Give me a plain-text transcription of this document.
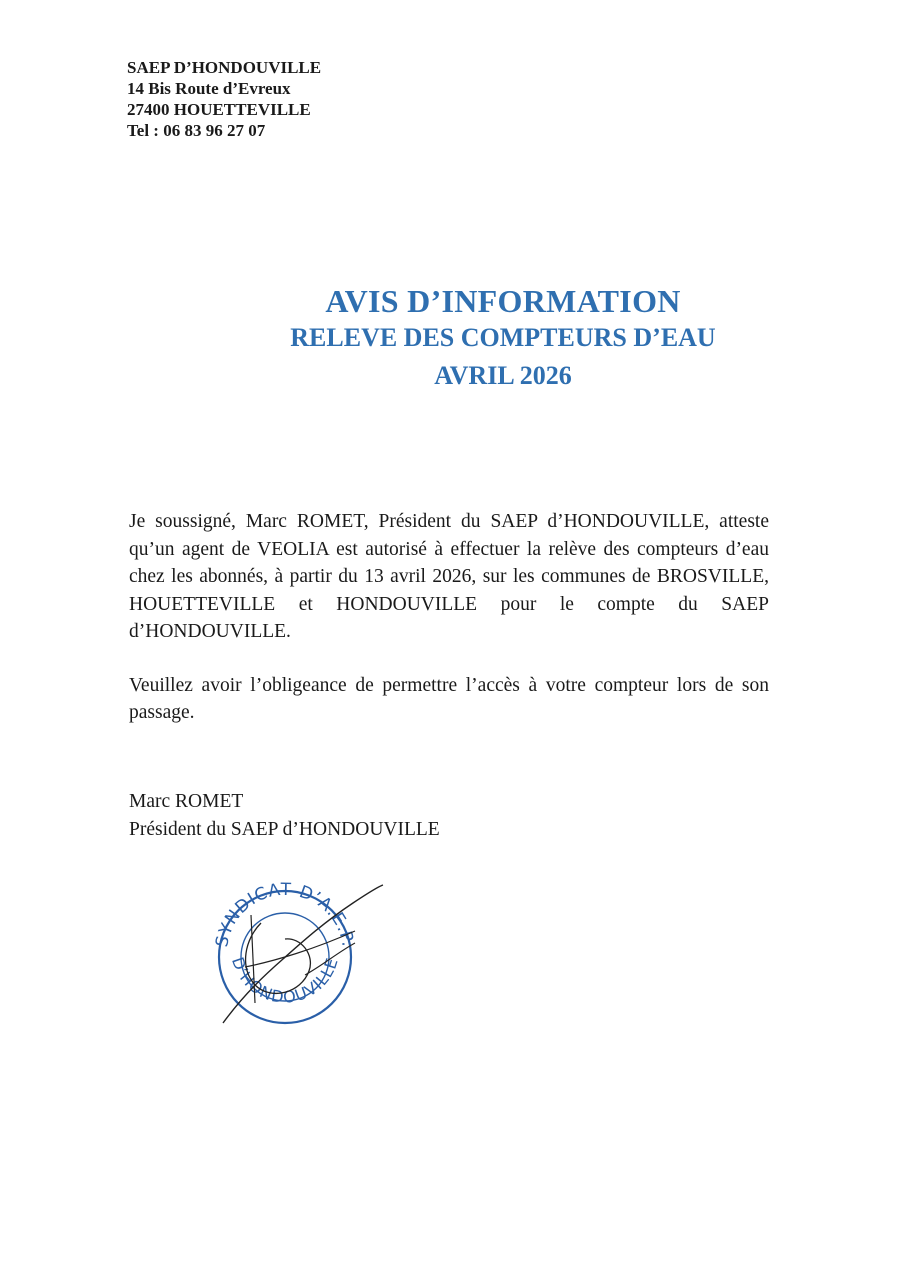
SAEP D’HONDOUVILLE
14 Bis Route d’Evreux
27400 HOUETTEVILLE
Tel : 06 83 96 27 07
AVIS D’INFORMATION
RELEVE DES COMPTEURS D’EAU
AVRIL 2026

Je soussigné, Marc ROMET, Président du SAEP d’HONDOUVILLE, atteste qu’un agent de VEOLIA est autorisé à effectuer la relève des compteurs d’eau chez les abonnés, à partir du 13 avril 2026, sur les communes de BROSVILLE, HOUETTEVILLE et HONDOUVILLE pour le compte du SAEP d’HONDOUVILLE.

Veuillez avoir l’obligeance de permettre l’accès à votre compteur lors de son passage.

Marc ROMET
Président du SAEP d’HONDOUVILLE
SYNDICAT D’A.E.P.
D’HONDOUVILLE
